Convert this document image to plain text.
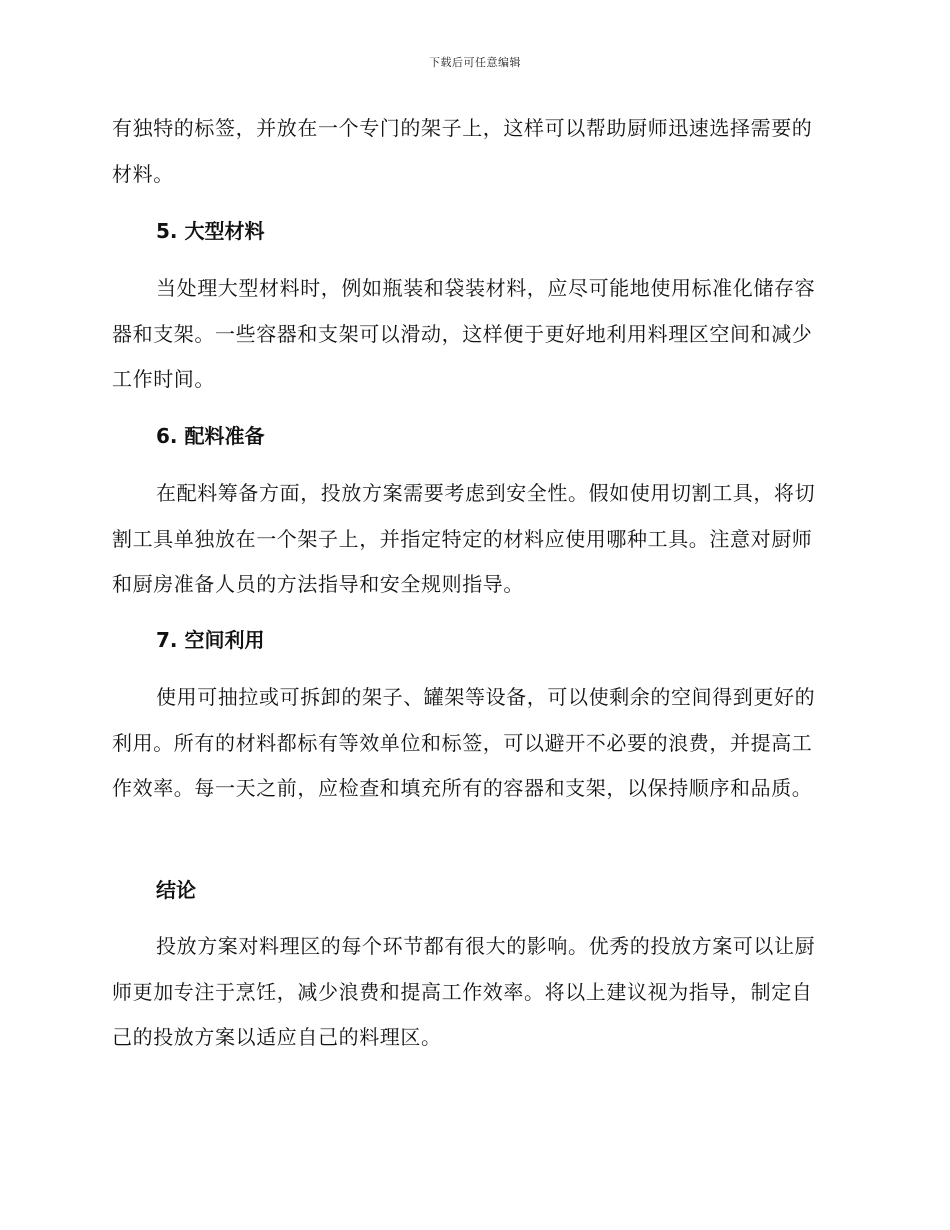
下载后可任意编辑

有独特的标签，并放在一个专门的架子上，这样可以帮助厨师迅速选择需要的材料。

5. 大型材料

当处理大型材料时，例如瓶装和袋装材料，应尽可能地使用标准化储存容器和支架。一些容器和支架可以滑动，这样便于更好地利用料理区空间和减少工作时间。

6. 配料准备

在配料筹备方面，投放方案需要考虑到安全性。假如使用切割工具，将切割工具单独放在一个架子上，并指定特定的材料应使用哪种工具。注意对厨师和厨房准备人员的方法指导和安全规则指导。

7. 空间利用

使用可抽拉或可拆卸的架子、罐架等设备，可以使剩余的空间得到更好的利用。所有的材料都标有等效单位和标签，可以避开不必要的浪费，并提高工作效率。每一天之前，应检查和填充所有的容器和支架，以保持顺序和品质。

结论

投放方案对料理区的每个环节都有很大的影响。优秀的投放方案可以让厨师更加专注于烹饪，减少浪费和提高工作效率。将以上建议视为指导，制定自己的投放方案以适应自己的料理区。
